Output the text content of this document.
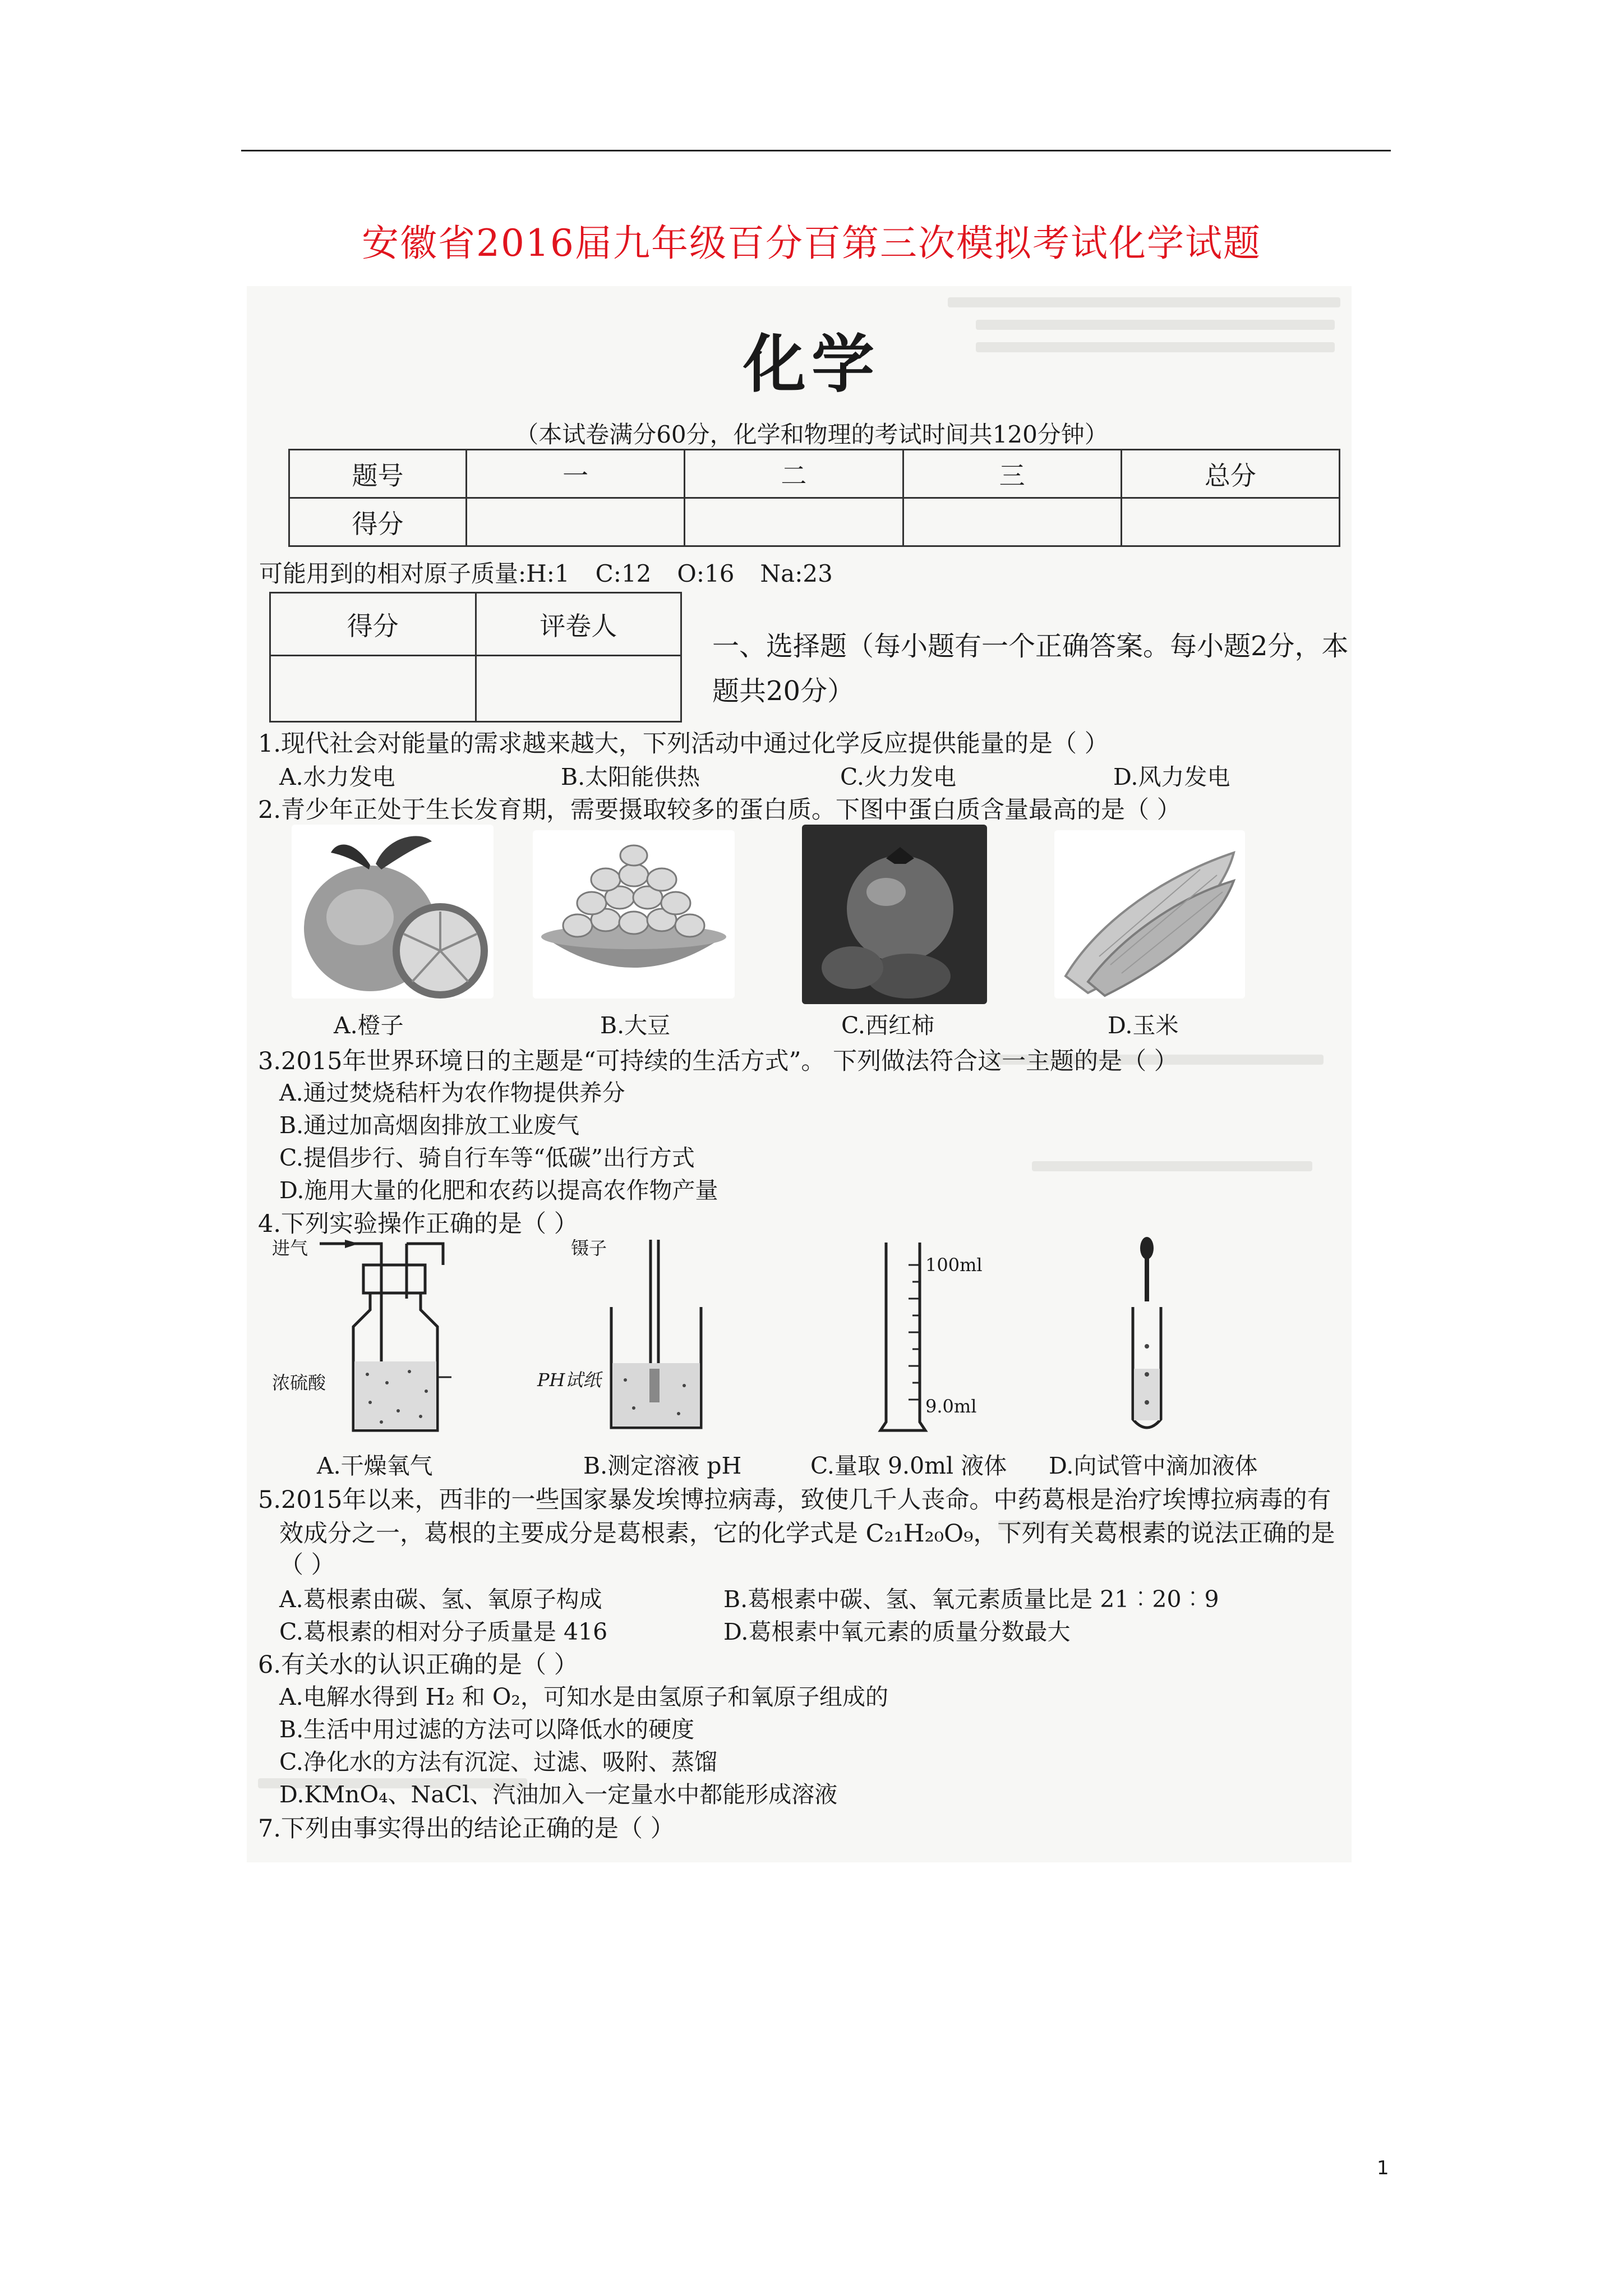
安徽省2016届九年级百分百第三次模拟考试化学试题
化学
（本试卷满分60分，化学和物理的考试时间共120分钟）
题号	一	二	三	总分
得分				
可能用到的相对原子质量:H:1 C:12 O:16 Na:23
得分	评卷人

一、选择题（每小题有一个正确答案。每小题2分，本题共20分）
1.现代社会对能量的需求越来越大，下列活动中通过化学反应提供能量的是（ ）
A.水力发电	B.太阳能供热	C.火力发电	D.风力发电
2.青少年正处于生长发育期，需要摄取较多的蛋白质。下图中蛋白质含量最高的是（ ）
A.橙子	B.大豆	C.西红柿	D.玉米
3.2015年世界环境日的主题是“可持续的生活方式”。 下列做法符合这一主题的是（ ）
A.通过焚烧秸杆为农作物提供养分
B.通过加高烟囱排放工业废气
C.提倡步行、骑自行车等“低碳”出行方式
D.施用大量的化肥和农药以提高农作物产量
4.下列实验操作正确的是（ ）
进气
浓硫酸
镊子
PH试纸
100ml
9.0ml
A.干燥氧气	B.测定溶液 pH	C.量取 9.0ml 液体 D.向试管中滴加液体
5.2015年以来，西非的一些国家暴发埃博拉病毒，致使几千人丧命。中药葛根是治疗埃博拉病毒的有
效成分之一，葛根的主要成分是葛根素，它的化学式是 C₂₁H₂₀O₉，下列有关葛根素的说法正确的是
（ ）
A.葛根素由碳、氢、氧原子构成	B.葛根素中碳、氢、氧元素质量比是 21︰20︰9
C.葛根素的相对分子质量是 416	D.葛根素中氧元素的质量分数最大
6.有关水的认识正确的是（ ）
A.电解水得到 H₂ 和 O₂，可知水是由氢原子和氧原子组成的
B.生活中用过滤的方法可以降低水的硬度
C.净化水的方法有沉淀、过滤、吸附、蒸馏
D.KMnO₄、NaCl、汽油加入一定量水中都能形成溶液
7.下列由事实得出的结论正确的是（ ）
1
